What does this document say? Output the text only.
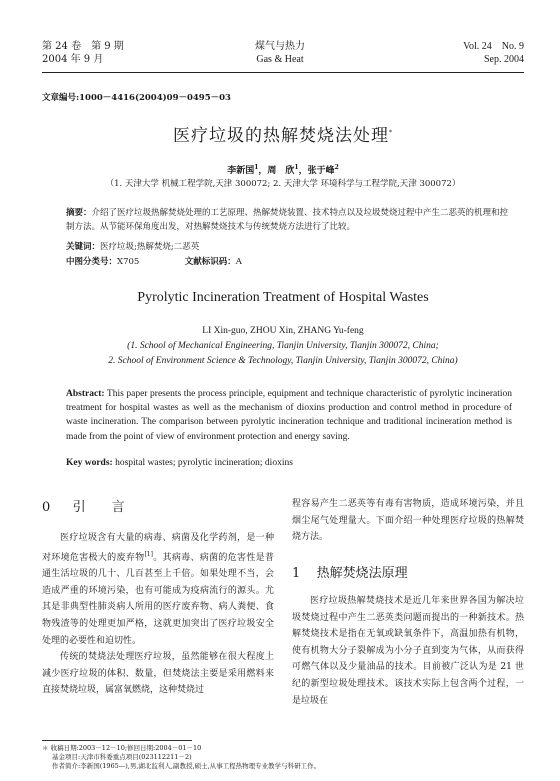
第 24 卷　第 9 期
2004 年 9 月
煤气与热力
Gas & Heat
Vol. 24　No. 9
Sep. 2004
文章编号:1000－4416(2004)09－0495－03
医疗垃圾的热解焚烧法处理*
李新国$^1$，周　欣$^1$，张于峰$^2$
（1. 天津大学 机械工程学院,天津 300072; 2. 天津大学 环境科学与工程学院,天津 300072）
摘要：介绍了医疗垃圾热解焚烧处理的工艺原理、热解焚烧装置、技术特点以及垃圾焚烧过程中产生二恶英的机理和控制方法。从节能环保角度出发，对热解焚烧技术与传统焚烧方法进行了比较。
关键词：医疗垃圾;热解焚烧;二恶英
中图分类号：X705	文献标识码：A
Pyrolytic Incineration Treatment of Hospital Wastes
LI Xin-guo, ZHOU Xin, ZHANG Yu-feng
(1. School of Mechanical Engineering, Tianjin University, Tianjin 300072, China;
2. School of Environment Science & Technology, Tianjin University, Tianjin 300072, China)
Abstract: This paper presents the process principle, equipment and technique characteristic of pyrolytic incineration treatment for hospital wastes as well as the mechanism of dioxins production and control method in procedure of waste incineration. The comparison between pyrolytic incineration technique and traditional incineration method is made from the point of view of environment protection and energy saving.
Key words: hospital wastes; pyrolytic incineration; dioxins
0 引　　言

医疗垃圾含有大量的病毒、病菌及化学药剂，是一种对环境危害极大的废弃物[1]。其病毒、病菌的危害性是普通生活垃圾的几十、几百甚至上千倍。如果处理不当，会造成严重的环境污染，也有可能成为疫病流行的源头。尤其是非典型性肺炎病人所用的医疗废弃物、病人粪便、食物残渣等的处理更加严格，这就更加突出了医疗垃圾安全处理的必要性和迫切性。

传统的焚烧法处理医疗垃圾，虽然能够在很大程度上减少医疗垃圾的体积、数量，但焚烧法主要是采用燃料来直接焚烧垃圾，属富氧燃烧，这种焚烧过

程容易产生二恶英等有毒有害物质，造成环境污染，并且烟尘尾气处理量大。下面介绍一种处理医疗垃圾的热解焚烧方法。

1 热解焚烧法原理

医疗垃圾热解焚烧技术是近几年来世界各国为解决垃圾焚烧过程中产生二恶英类问题而提出的一种新技术。热解焚烧技术是指在无氧或缺氧条件下，高温加热有机物，使有机物大分子裂解成为小分子直到变为气体，从而获得可燃气体以及少量油品的技术。目前被广泛认为是 21 世纪的新型垃圾处理技术。该技术实际上包含两个过程，一是垃圾在

＊ 收稿日期:2003－12－10;修回日期:2004－01－10
基金项目:天津市科委重点项目(023112211－2)
作者简介:李新国(1965—),男,湖北监利人,副教授,硕士,从事工程热物理专业教学与科研工作。
